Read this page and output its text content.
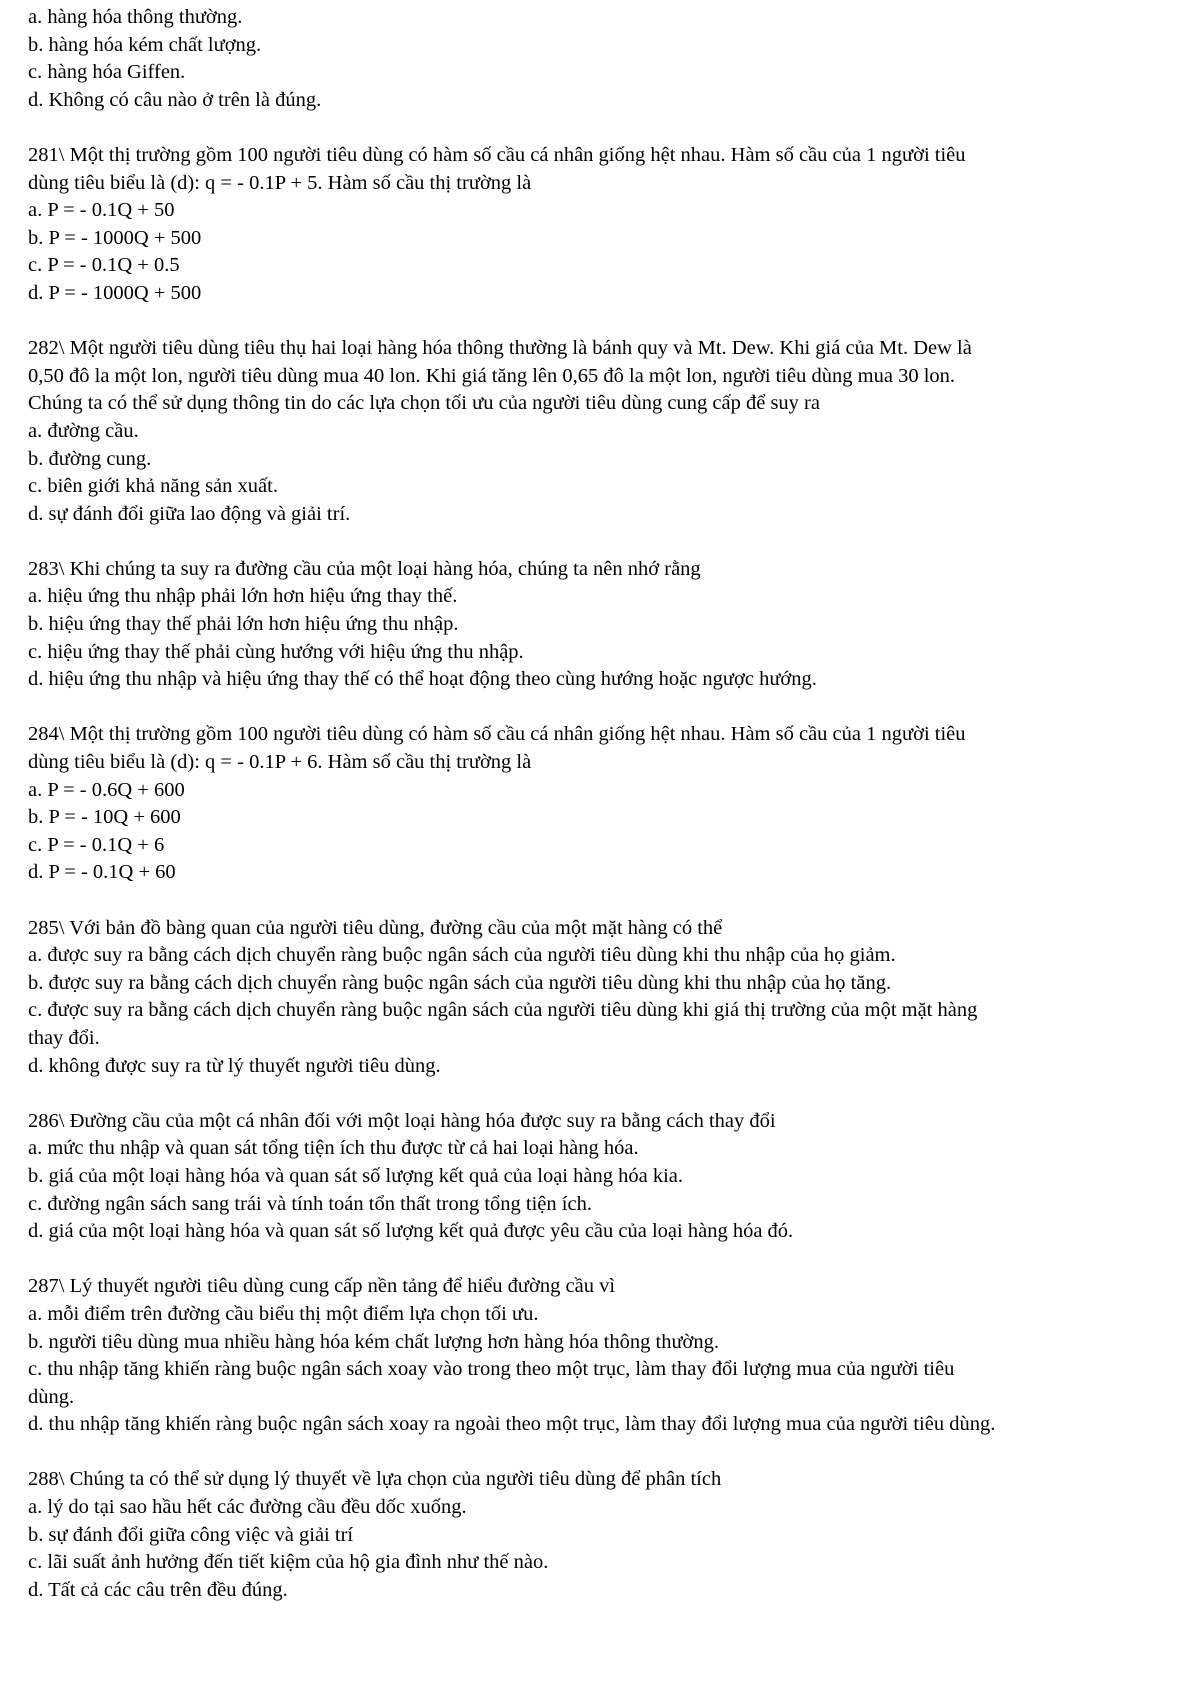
a. hàng hóa thông thường.
b. hàng hóa kém chất lượng.
c. hàng hóa Giffen.
d. Không có câu nào ở trên là đúng.
281\ Một thị trường gồm 100 người tiêu dùng có hàm số cầu cá nhân giống hệt nhau. Hàm số cầu của 1 người tiêu
dùng tiêu biểu là (d): q = - 0.1P + 5. Hàm số cầu thị trường là
a. P = - 0.1Q + 50
b. P = - 1000Q + 500
c. P = - 0.1Q + 0.5
d. P = - 1000Q + 500
282\ Một người tiêu dùng tiêu thụ hai loại hàng hóa thông thường là bánh quy và Mt. Dew. Khi giá của Mt. Dew là
0,50 đô la một lon, người tiêu dùng mua 40 lon. Khi giá tăng lên 0,65 đô la một lon, người tiêu dùng mua 30 lon.
Chúng ta có thể sử dụng thông tin do các lựa chọn tối ưu của người tiêu dùng cung cấp để suy ra
a. đường cầu.
b. đường cung.
c. biên giới khả năng sản xuất.
d. sự đánh đổi giữa lao động và giải trí.
283\ Khi chúng ta suy ra đường cầu của một loại hàng hóa, chúng ta nên nhớ rằng
a. hiệu ứng thu nhập phải lớn hơn hiệu ứng thay thế.
b. hiệu ứng thay thế phải lớn hơn hiệu ứng thu nhập.
c. hiệu ứng thay thế phải cùng hướng với hiệu ứng thu nhập.
d. hiệu ứng thu nhập và hiệu ứng thay thế có thể hoạt động theo cùng hướng hoặc ngược hướng.
284\ Một thị trường gồm 100 người tiêu dùng có hàm số cầu cá nhân giống hệt nhau. Hàm số cầu của 1 người tiêu
dùng tiêu biểu là (d): q = - 0.1P + 6. Hàm số cầu thị trường là
a. P = - 0.6Q + 600
b. P = - 10Q + 600
c. P = - 0.1Q + 6
d. P = - 0.1Q + 60
285\ Với bản đồ bàng quan của người tiêu dùng, đường cầu của một mặt hàng có thể
a. được suy ra bằng cách dịch chuyển ràng buộc ngân sách của người tiêu dùng khi thu nhập của họ giảm.
b. được suy ra bằng cách dịch chuyển ràng buộc ngân sách của người tiêu dùng khi thu nhập của họ tăng.
c. được suy ra bằng cách dịch chuyển ràng buộc ngân sách của người tiêu dùng khi giá thị trường của một mặt hàng
thay đổi.
d. không được suy ra từ lý thuyết người tiêu dùng.
286\ Đường cầu của một cá nhân đối với một loại hàng hóa được suy ra bằng cách thay đổi
a. mức thu nhập và quan sát tổng tiện ích thu được từ cả hai loại hàng hóa.
b. giá của một loại hàng hóa và quan sát số lượng kết quả của loại hàng hóa kia.
c. đường ngân sách sang trái và tính toán tổn thất trong tổng tiện ích.
d. giá của một loại hàng hóa và quan sát số lượng kết quả được yêu cầu của loại hàng hóa đó.
287\ Lý thuyết người tiêu dùng cung cấp nền tảng để hiểu đường cầu vì
a. mỗi điểm trên đường cầu biểu thị một điểm lựa chọn tối ưu.
b. người tiêu dùng mua nhiều hàng hóa kém chất lượng hơn hàng hóa thông thường.
c. thu nhập tăng khiến ràng buộc ngân sách xoay vào trong theo một trục, làm thay đổi lượng mua của người tiêu
dùng.
d. thu nhập tăng khiến ràng buộc ngân sách xoay ra ngoài theo một trục, làm thay đổi lượng mua của người tiêu dùng.
288\ Chúng ta có thể sử dụng lý thuyết về lựa chọn của người tiêu dùng để phân tích
a. lý do tại sao hầu hết các đường cầu đều dốc xuống.
b. sự đánh đổi giữa công việc và giải trí
c. lãi suất ảnh hưởng đến tiết kiệm của hộ gia đình như thế nào.
d. Tất cả các câu trên đều đúng.
